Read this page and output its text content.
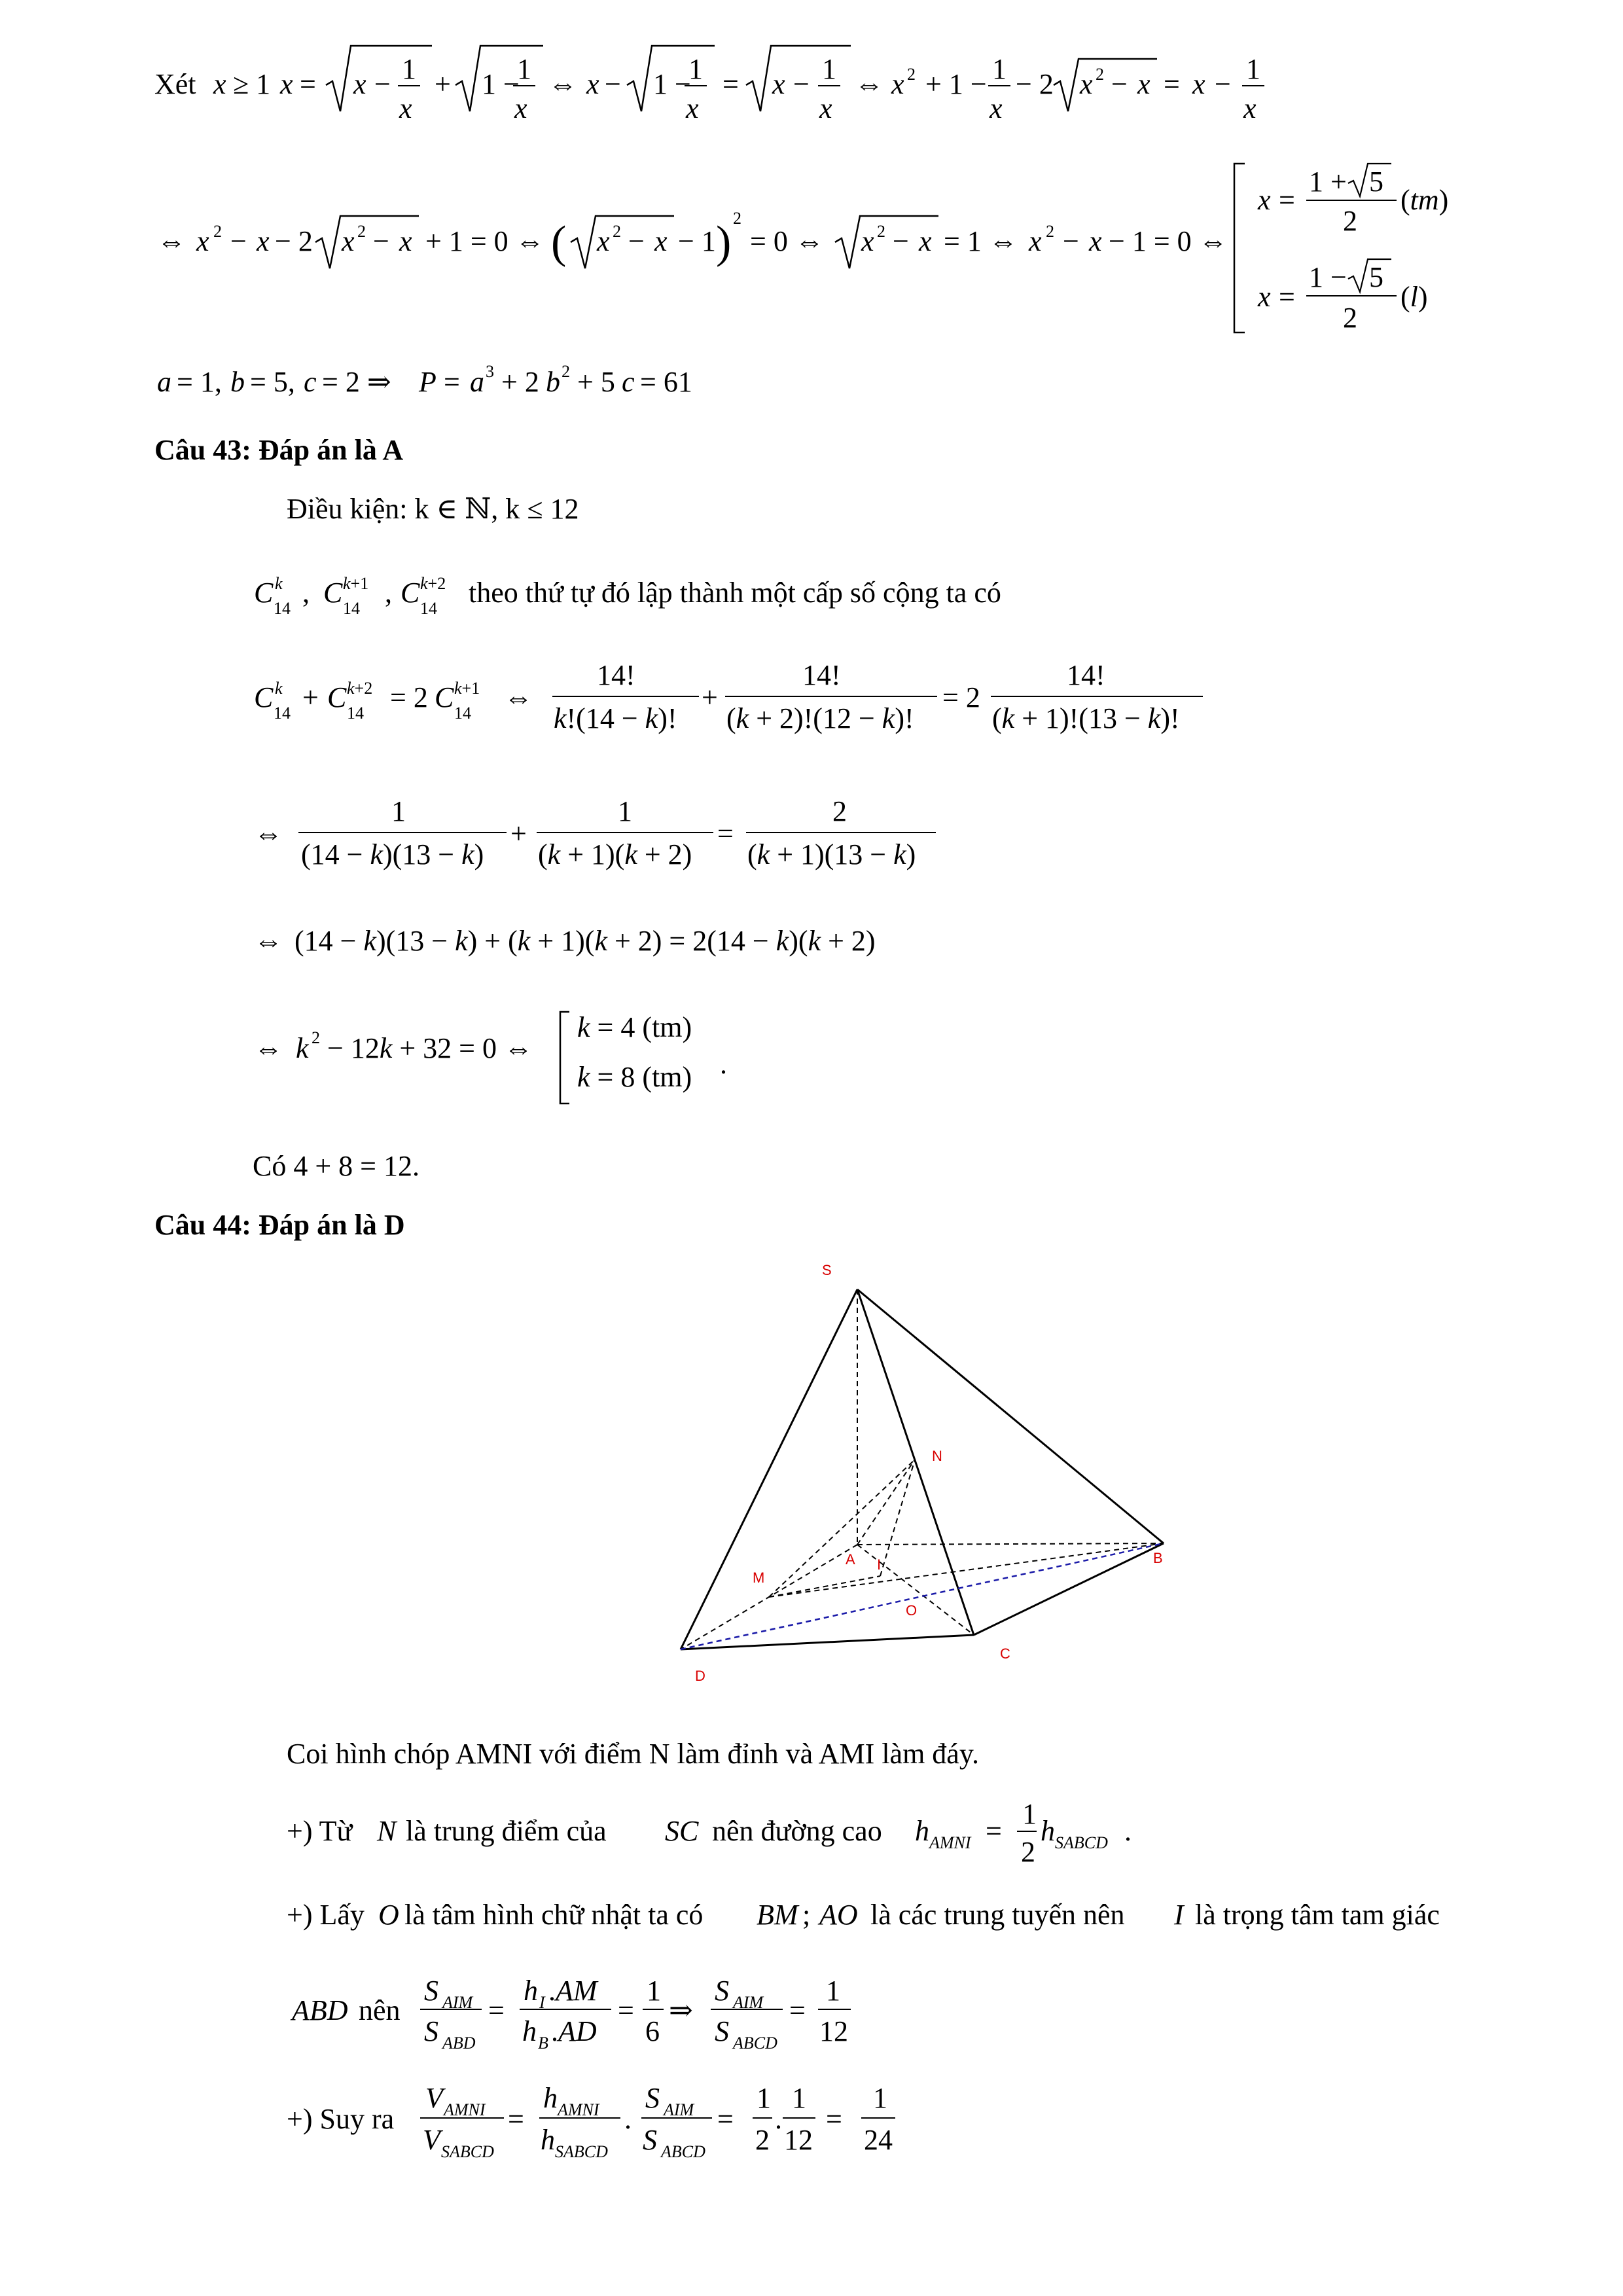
Xét x ≥ 1 x = x − 1
x
+ 1 −
1
x
⇔ x − 1 −
1
x
= x − 1
x
⇔ x 2 + 1 − 1
x
− 2 x 2 − x = x − 1
x
⇔ x 2 − x − 2 x 2 − x + 1 = 0 ⇔ ( x 2 − x − 1 ) 2
= 0 ⇔ x 2 − x = 1 ⇔ x 2 − x − 1 = 0 ⇔
x =
1 + 5
2
(tm)
x =
1 − 5
2
(l)
a = 1, b = 5, c = 2 ⇒ P = a 3 + 2 b 2 + 5 c = 61
Câu 43: Đáp án là A
Điều kiện: k ∈ ℕ, k ≤ 12
C 14
k , C 14
k+1 , C 14
k+2 theo thứ tự đó lập thành một cấp số cộng ta có
C 14
k + C 14
k+2 = 2 C 14
k+1 ⇔
14!
k!(14 − k)!
+
14!
(k + 2)!(12 − k)!
= 2
14!
(k + 1)!(13 − k)!
⇔
1
(14 − k)(13 − k)
+
1
(k + 1)(k + 2)
=
2
(k + 1)(13 − k)
⇔ (14 − k)(13 − k) + (k + 1)(k + 2) = 2(14 − k)(k + 2)
⇔ k 2 − 12k + 32 = 0 ⇔
k = 4 (tm)
k = 8 (tm) .
Có 4 + 8 = 12.
Câu 44: Đáp án là D
S
N
M
A I	B
O
D
C
Coi hình chóp AMNI với điểm N làm đỉnh và AMI làm đáy.
+) Từ N là trung điểm của SC nên đường cao h AMNI =
1
2
h SABCD .
+) Lấy O là tâm hình chữ nhật ta có BM ; AO là các trung tuyến nên I là trọng tâm tam giác
ABD nên
S AIM
S ABD
=
h I .AM
h B .AD
=
1
6
⇒
S AIM
S ABCD
=
1
12
+) Suy ra
V AMNI
V SABCD
=
h AMNI
h SABCD
.
S AIM
S ABCD
=
1
2
.
1
12
=
1
24
